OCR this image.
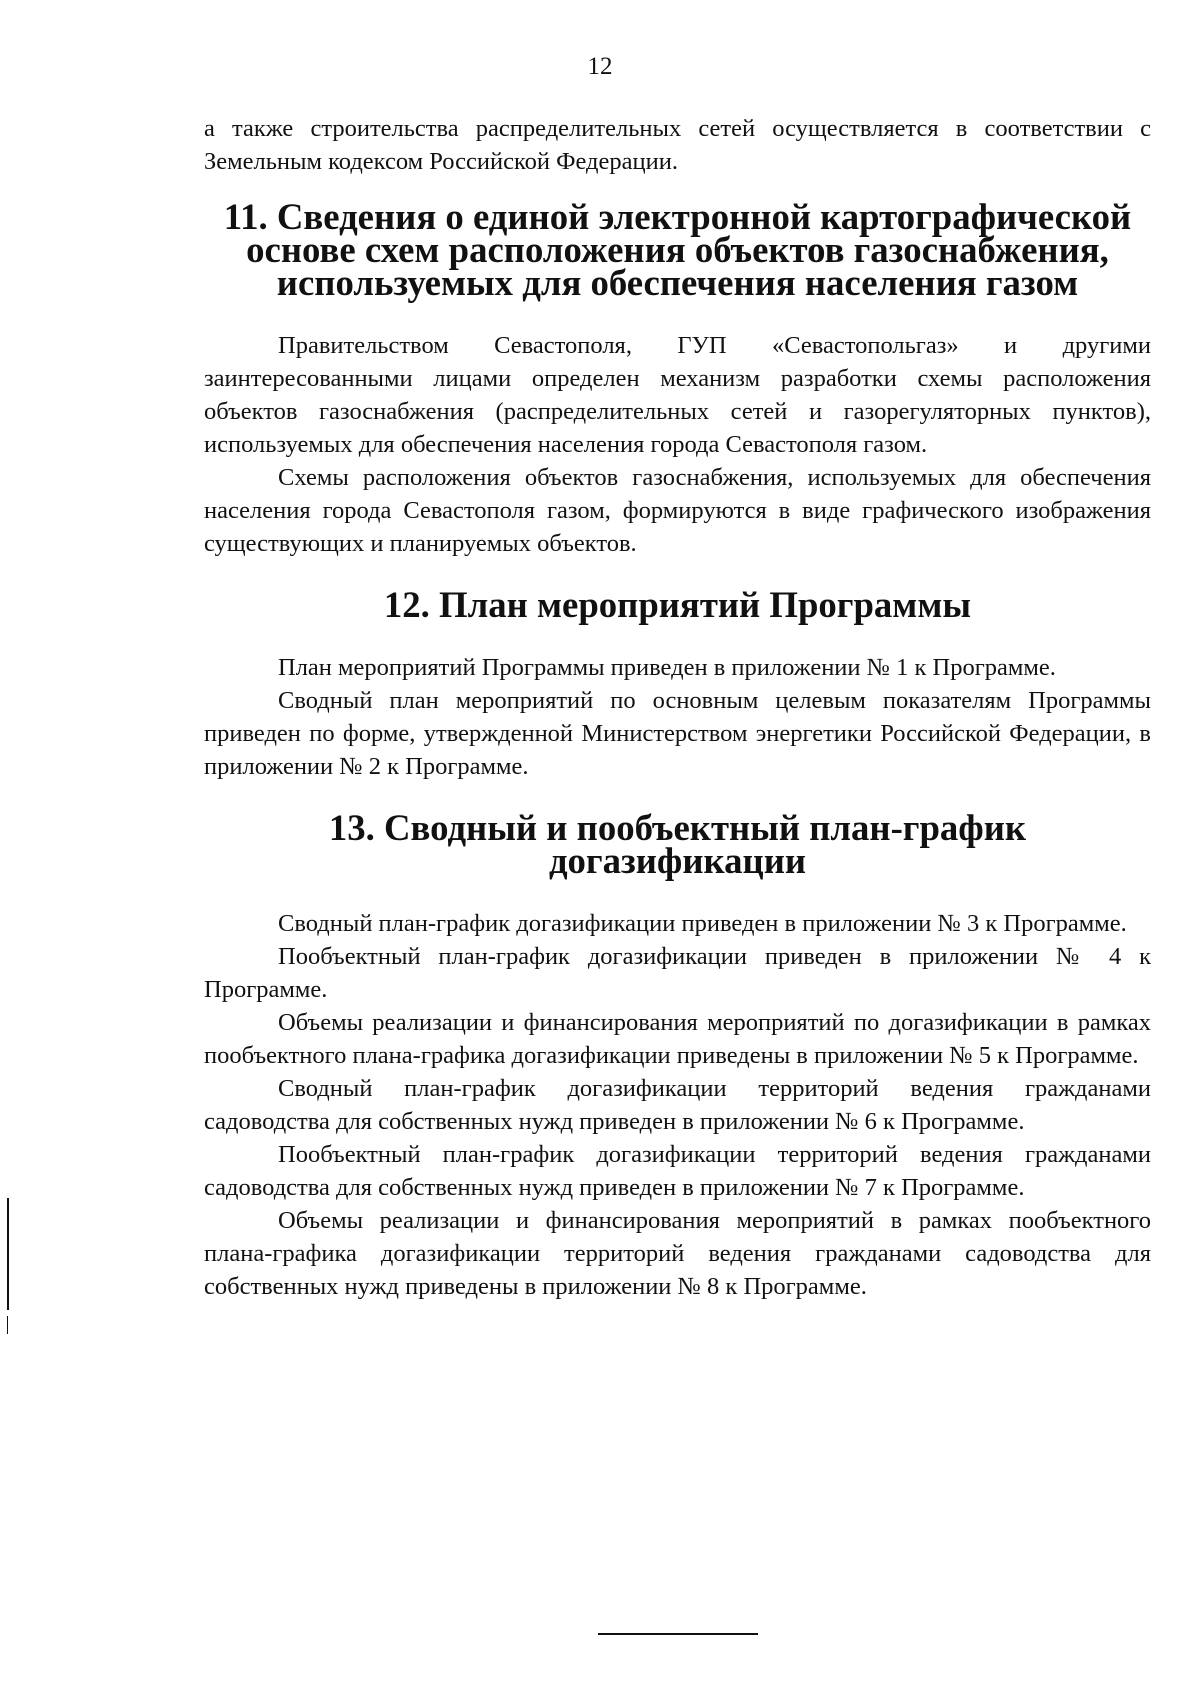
12

а также строительства распределительных сетей осуществляется в соответствии с Земельным кодексом Российской Федерации.

11. Сведения о единой электронной картографической основе схем расположения объектов газоснабжения, используемых для обеспечения населения газом

Правительством Севастополя, ГУП «Севастопольгаз» и другими заинтересованными лицами определен механизм разработки схемы расположения объектов газоснабжения (распределительных сетей и газорегуляторных пунктов), используемых для обеспечения населения города Севастополя газом.

Схемы расположения объектов газоснабжения, используемых для обеспечения населения города Севастополя газом, формируются в виде графического изображения существующих и планируемых объектов.

12. План мероприятий Программы

План мероприятий Программы приведен в приложении № 1 к Программе.

Сводный план мероприятий по основным целевым показателям Программы приведен по форме, утвержденной Министерством энергетики Российской Федерации, в приложении № 2 к Программе.

13. Сводный и пообъектный план-график догазификации

Сводный план-график догазификации приведен в приложении № 3 к Программе.

Пообъектный план-график догазификации приведен в приложении № 4 к Программе.

Объемы реализации и финансирования мероприятий по догазификации в рамках пообъектного плана-графика догазификации приведены в приложении № 5 к Программе.

Сводный план-график догазификации территорий ведения гражданами садоводства для собственных нужд приведен в приложении № 6 к Программе.

Пообъектный план-график догазификации территорий ведения гражданами садоводства для собственных нужд приведен в приложении № 7 к Программе.

Объемы реализации и финансирования мероприятий в рамках пообъектного плана-графика догазификации территорий ведения гражданами садоводства для собственных нужд приведены в приложении № 8 к Программе.
